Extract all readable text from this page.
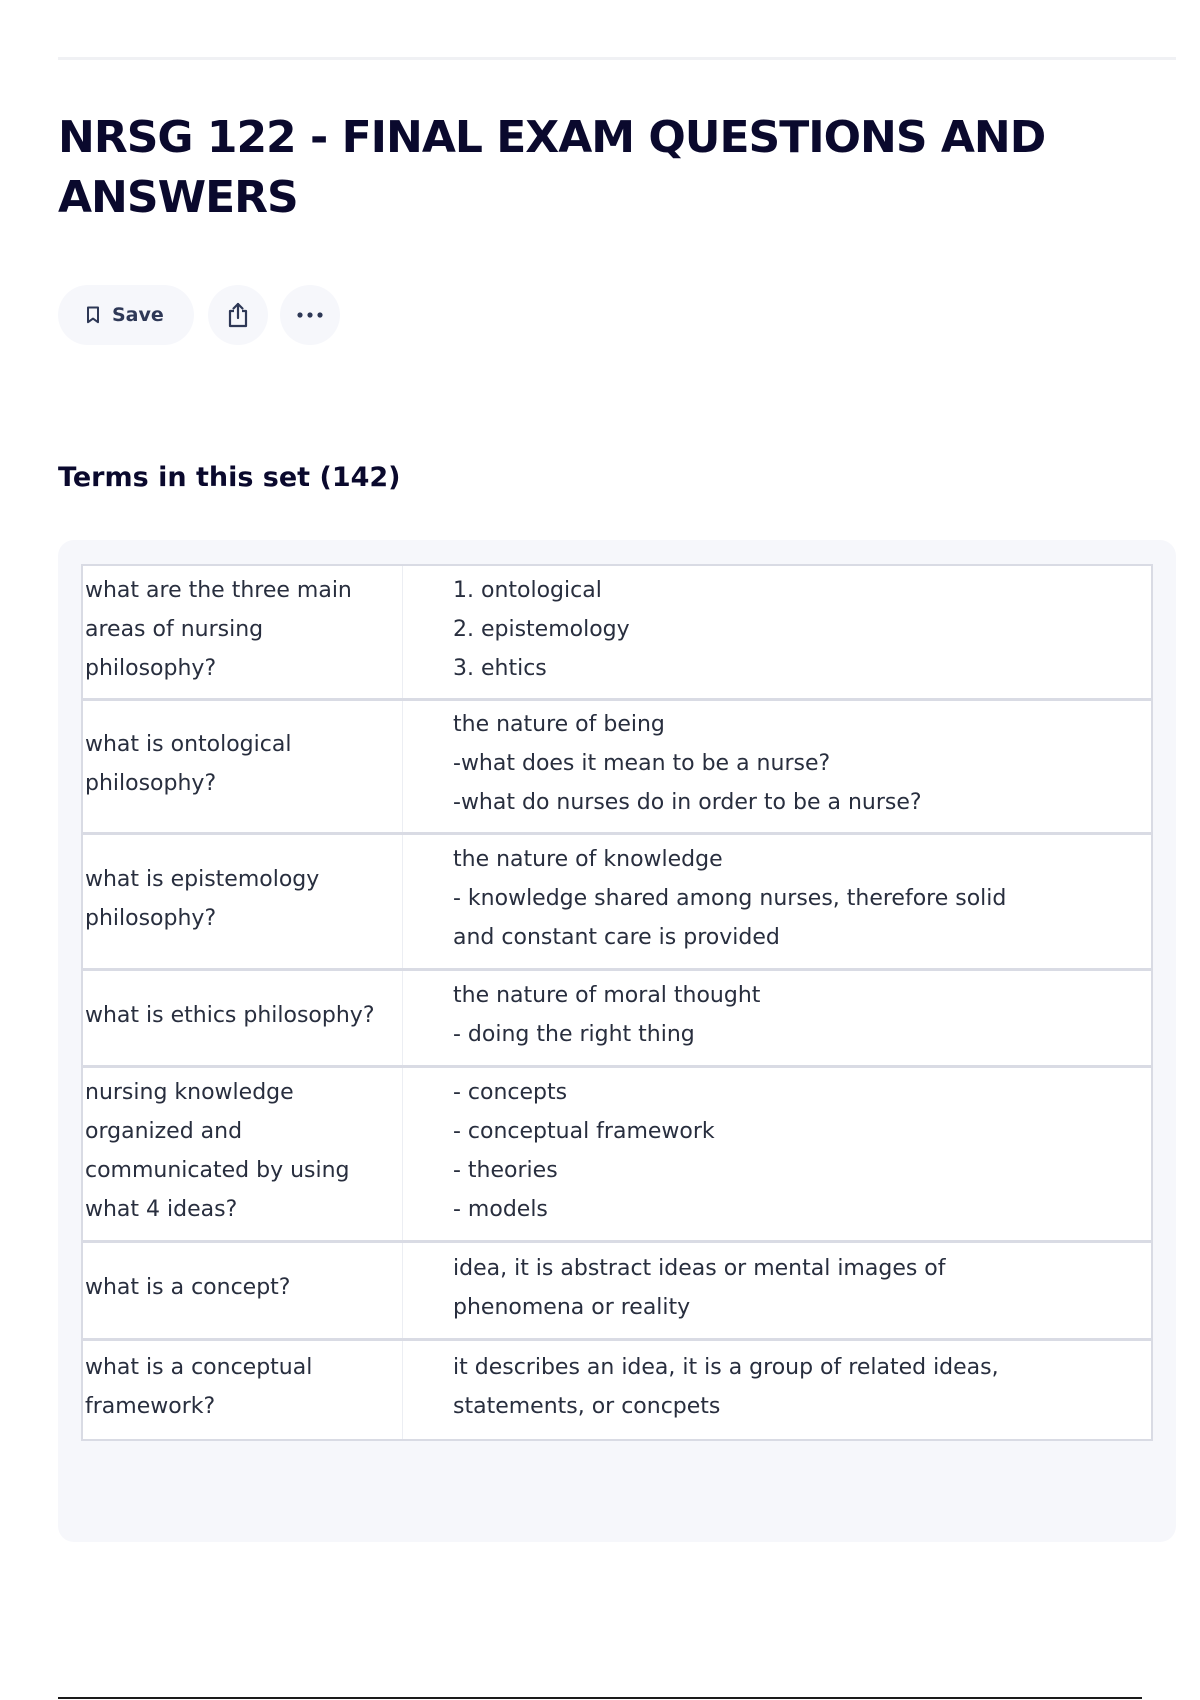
NRSG 122 - FINAL EXAM QUESTIONS AND ANSWERS
Save
Terms in this set (142)
what are the three main
areas of nursing
philosophy?
1. ontological
2. epistemology
3. ehtics
what is ontological
philosophy?
the nature of being
-what does it mean to be a nurse?
-what do nurses do in order to be a nurse?
what is epistemology
philosophy?
the nature of knowledge
- knowledge shared among nurses, therefore solid
and constant care is provided
what is ethics philosophy?
the nature of moral thought
- doing the right thing
nursing knowledge
organized and
communicated by using
what 4 ideas?
- concepts
- conceptual framework
- theories
- models
what is a concept?
idea, it is abstract ideas or mental images of
phenomena or reality
what is a conceptual
framework?
it describes an idea, it is a group of related ideas,
statements, or concpets
